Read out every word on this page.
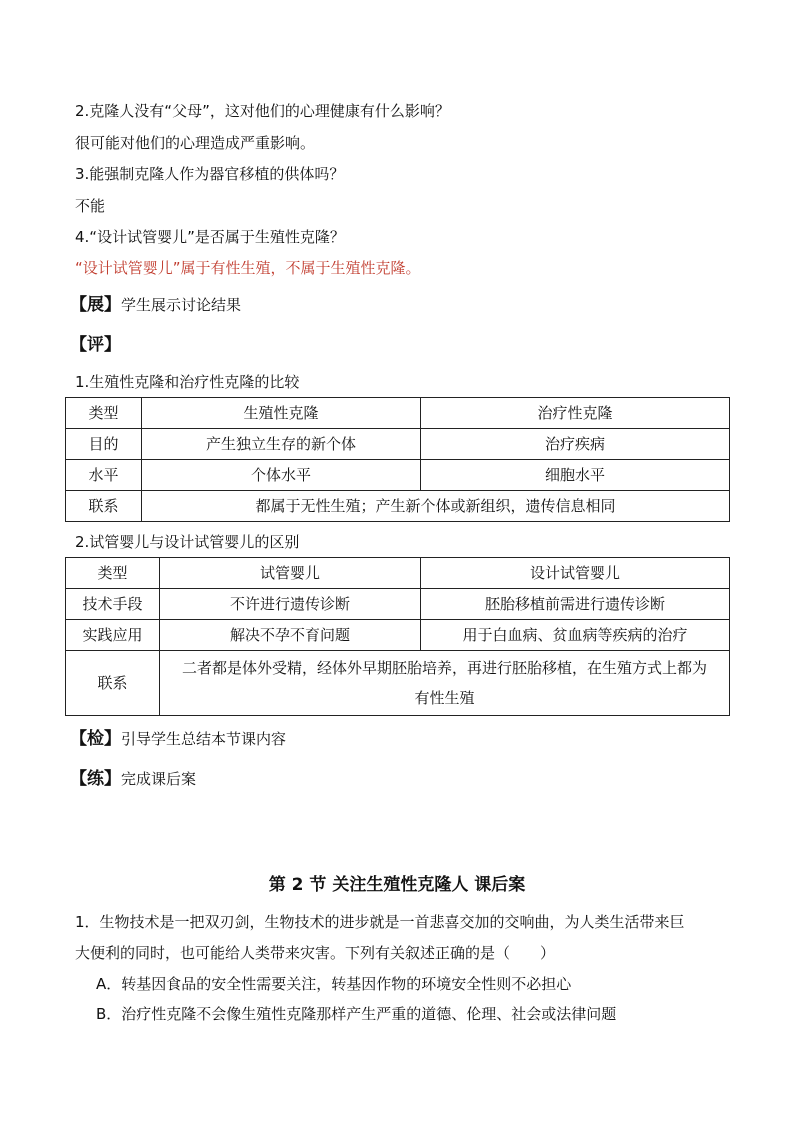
2.克隆人没有“父母”，这对他们的心理健康有什么影响？
很可能对他们的心理造成严重影响。
3.能强制克隆人作为器官移植的供体吗？
不能
4.“设计试管婴儿”是否属于生殖性克隆？
“设计试管婴儿”属于有性生殖，不属于生殖性克隆。
【展】学生展示讨论结果
【评】
1.生殖性克隆和治疗性克隆的比较
类型	生殖性克隆	治疗性克隆
目的	产生独立生存的新个体	治疗疾病
水平	个体水平	细胞水平
联系	都属于无性生殖；产生新个体或新组织，遗传信息相同	
2.试管婴儿与设计试管婴儿的区别
类型	试管婴儿	设计试管婴儿
技术手段	不许进行遗传诊断	胚胎移植前需进行遗传诊断
实践应用	解决不孕不育问题	用于白血病、贫血病等疾病的治疗
联系	二者都是体外受精，经体外早期胚胎培养，再进行胚胎移植，在生殖方式上都为
有性生殖	
【检】引导学生总结本节课内容
【练】完成课后案
第 2 节 关注生殖性克隆人 课后案
1．生物技术是一把双刃剑，生物技术的进步就是一首悲喜交加的交响曲，为人类生活带来巨
大便利的同时，也可能给人类带来灾害。下列有关叙述正确的是（　　）
A．转基因食品的安全性需要关注，转基因作物的环境安全性则不必担心
B．治疗性克隆不会像生殖性克隆那样产生严重的道德、伦理、社会或法律问题
